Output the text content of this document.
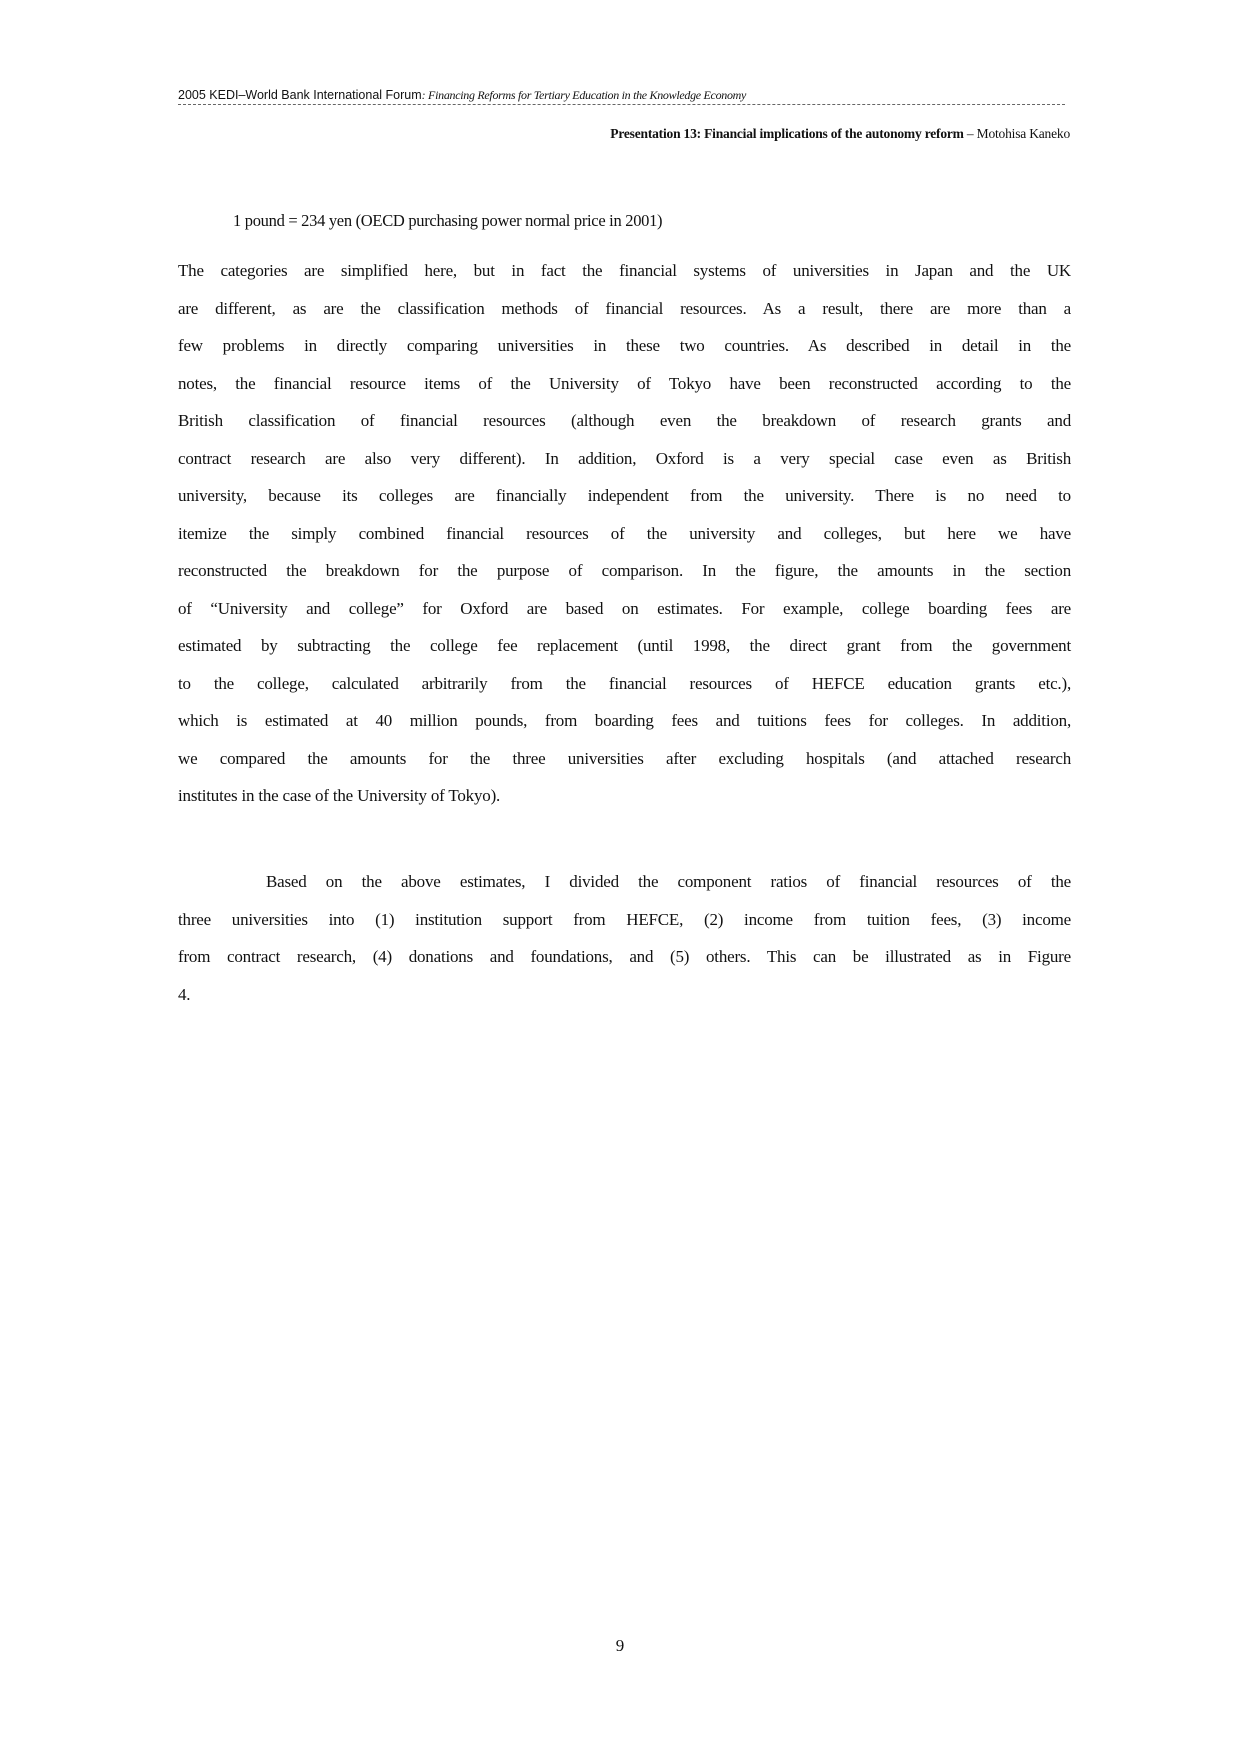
2005 KEDI–World Bank International Forum: Financing Reforms for Tertiary Education in the Knowledge Economy
Presentation 13: Financial implications of the autonomy reform – Motohisa Kaneko
1 pound = 234 yen (OECD purchasing power normal price in 2001)
The categories are simplified here, but in fact the financial systems of universities in Japan and the UK
are different, as are the classification methods of financial resources. As a result, there are more than a
few problems in directly comparing universities in these two countries. As described in detail in the
notes, the financial resource items of the University of Tokyo have been reconstructed according to the
British classification of financial resources (although even the breakdown of research grants and
contract research are also very different). In addition, Oxford is a very special case even as British
university, because its colleges are financially independent from the university. There is no need to
itemize the simply combined financial resources of the university and colleges, but here we have
reconstructed the breakdown for the purpose of comparison. In the figure, the amounts in the section
of “University and college” for Oxford are based on estimates. For example, college boarding fees are
estimated by subtracting the college fee replacement (until 1998, the direct grant from the government
to the college, calculated arbitrarily from the financial resources of HEFCE education grants etc.),
which is estimated at 40 million pounds, from boarding fees and tuitions fees for colleges. In addition,
we compared the amounts for the three universities after excluding hospitals (and attached research
institutes in the case of the University of Tokyo).
Based on the above estimates, I divided the component ratios of financial resources of the
three universities into (1) institution support from HEFCE, (2) income from tuition fees, (3) income
from contract research, (4) donations and foundations, and (5) others. This can be illustrated as in Figure
4.
9
